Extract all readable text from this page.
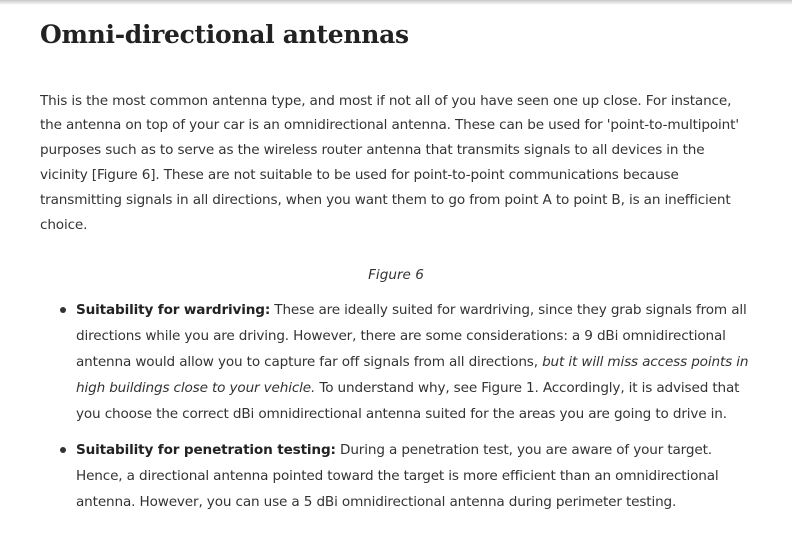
Omni-directional antennas

This is the most common antenna type, and most if not all of you have seen one up close. For instance, the antenna on top of your car is an omnidirectional antenna. These can be used for 'point-to-multipoint' purposes such as to serve as the wireless router antenna that transmits signals to all devices in the vicinity [Figure 6]. These are not suitable to be used for point-to-point communications because transmitting signals in all directions, when you want them to go from point A to point B, is an inefficient choice.

Figure 6
Suitability for wardriving: These are ideally suited for wardriving, since they grab signals from all directions while you are driving. However, there are some considerations: a 9 dBi omnidirectional antenna would allow you to capture far off signals from all directions, but it will miss access points in high buildings close to your vehicle. To understand why, see Figure 1. Accordingly, it is advised that you choose the correct dBi omnidirectional antenna suited for the areas you are going to drive in.
Suitability for penetration testing: During a penetration test, you are aware of your target. Hence, a directional antenna pointed toward the target is more efficient than an omnidirectional antenna. However, you can use a 5 dBi omnidirectional antenna during perimeter testing.
